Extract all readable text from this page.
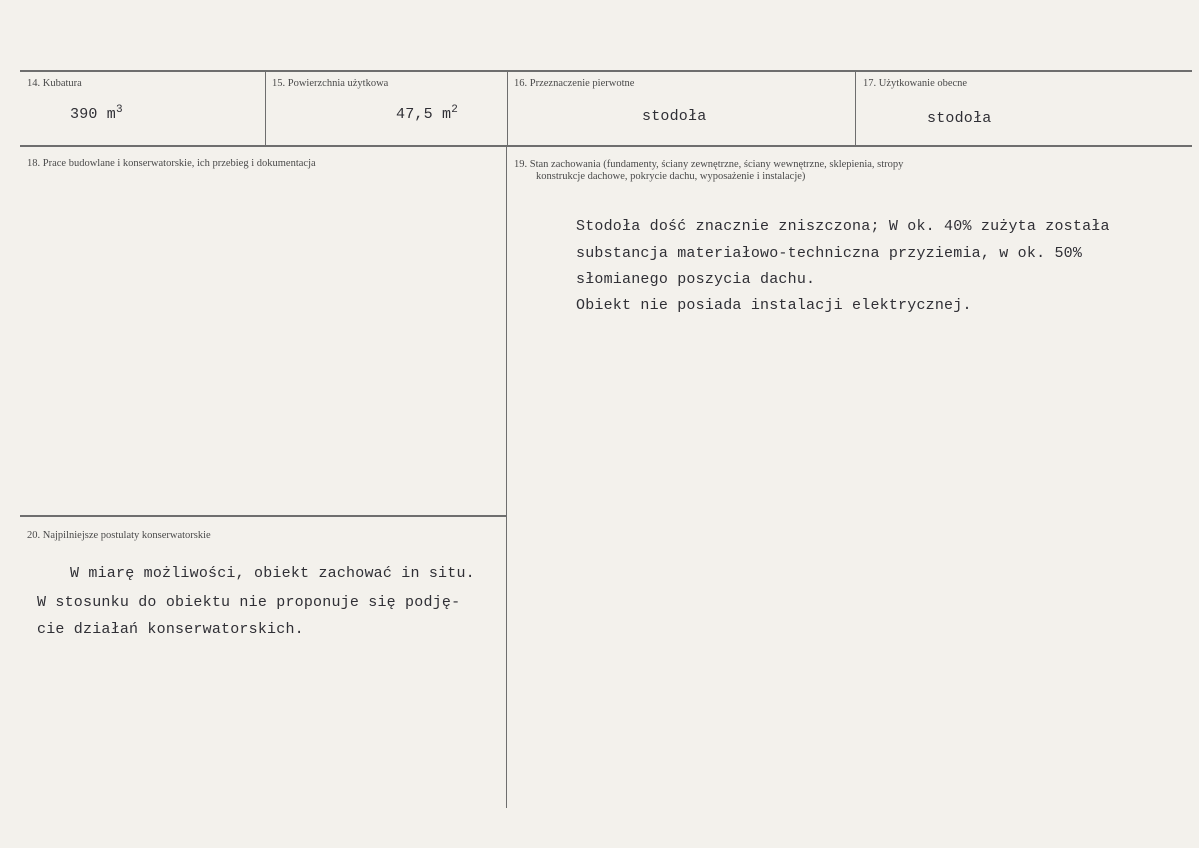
14. Kubatura
390 $m^3$
15. Powierzchnia użytkowa
47,5 $m^2$
16. Przeznaczenie pierwotne
stodoła
17. Użytkowanie obecne
stodoła
18. Prace budowlane i konserwatorskie, ich przebieg i dokumentacja	19. Stan zachowania (fundamenty, ściany zewnętrzne, ściany wewnętrzne, sklepienia, stropy
konstrukcje dachowe, pokrycie dachu, wyposażenie i instalacje)
Stodoła dość znacznie zniszczona; W ok. 40% zużyta została
substancja materiałowo-techniczna przyziemia, w ok. 50%
słomianego poszycia dachu.
Obiekt nie posiada instalacji elektrycznej.
20. Najpilniejsze postulaty konserwatorskie
W miarę możliwości, obiekt zachować in situ.
W stosunku do obiektu nie proponuje się podję-
cie działań konserwatorskich.
